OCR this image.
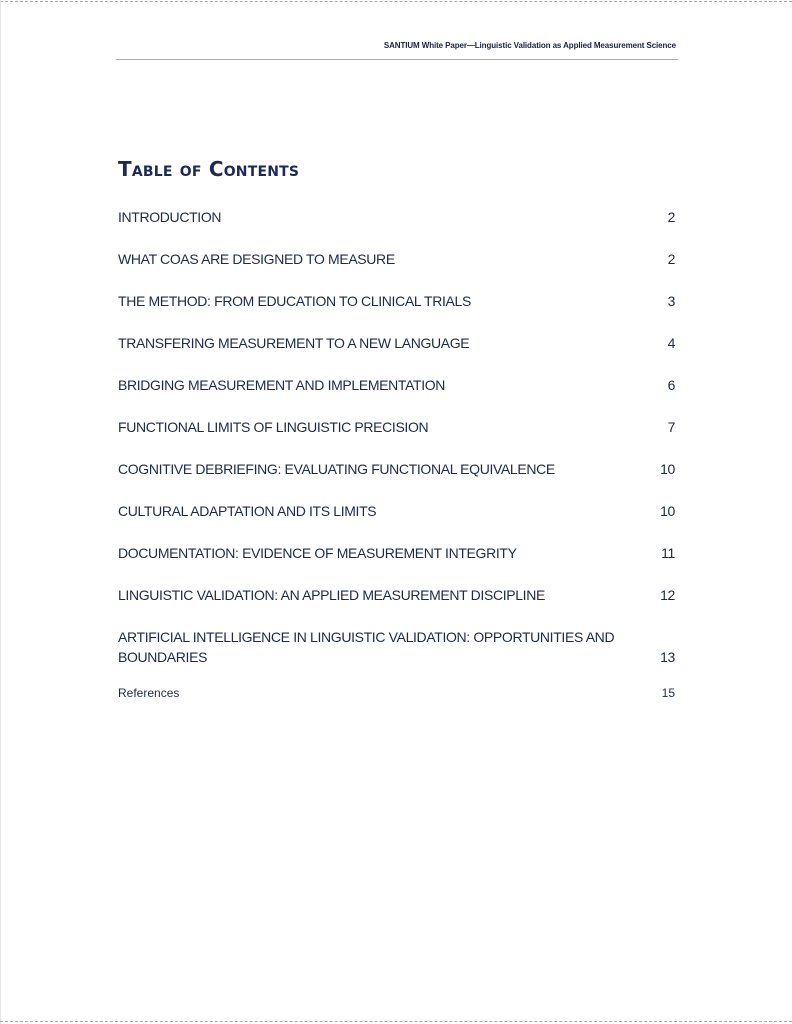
SANTIUM White Paper—Linguistic Validation as Applied Measurement Science
Table of Contents
INTRODUCTION	2
WHAT COAS ARE DESIGNED TO MEASURE	2
THE METHOD: FROM EDUCATION TO CLINICAL TRIALS	3
TRANSFERING MEASUREMENT TO A NEW LANGUAGE	4
BRIDGING MEASUREMENT AND IMPLEMENTATION	6
FUNCTIONAL LIMITS OF LINGUISTIC PRECISION	7
COGNITIVE DEBRIEFING: EVALUATING FUNCTIONAL EQUIVALENCE	10
CULTURAL ADAPTATION AND ITS LIMITS	10
DOCUMENTATION: EVIDENCE OF MEASUREMENT INTEGRITY	11
LINGUISTIC VALIDATION: AN APPLIED MEASUREMENT DISCIPLINE	12
ARTIFICIAL INTELLIGENCE IN LINGUISTIC VALIDATION: OPPORTUNITIES AND BOUNDARIES	13
References	15
